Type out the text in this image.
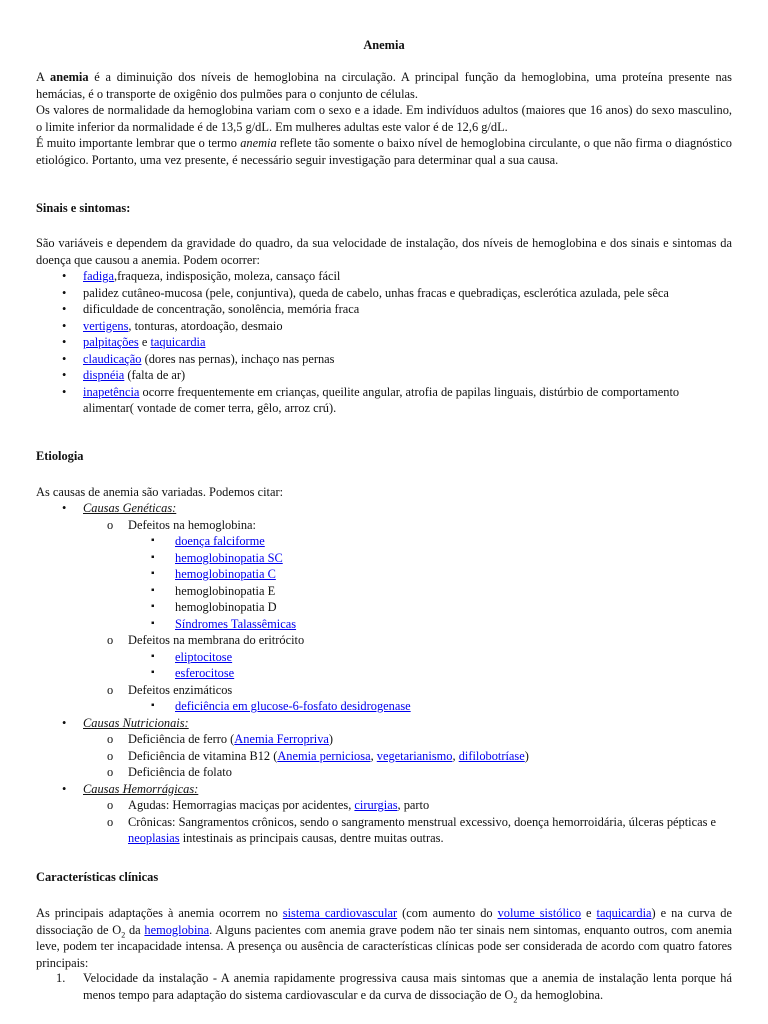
Anemia
A anemia é a diminuição dos níveis de hemoglobina na circulação. A principal função da hemoglobina, uma proteína presente nas hemácias, é o transporte de oxigênio dos pulmões para o conjunto de células.
Os valores de normalidade da hemoglobina variam com o sexo e a idade. Em indivíduos adultos (maiores que 16 anos) do sexo masculino, o limite inferior da normalidade é de 13,5 g/dL. Em mulheres adultas este valor é de 12,6 g/dL.
É muito importante lembrar que o termo anemia reflete tão somente o baixo nível de hemoglobina circulante, o que não firma o diagnóstico etiológico. Portanto, uma vez presente, é necessário seguir investigação para determinar qual a sua causa.
Sinais e sintomas:
São variáveis e dependem da gravidade do quadro, da sua velocidade de instalação, dos níveis de hemoglobina e dos sinais e sintomas da doença que causou a anemia. Podem ocorrer:
• fadiga,fraqueza, indisposição, moleza, cansaço fácil
• palidez cutâneo-mucosa (pele, conjuntiva), queda de cabelo, unhas fracas e quebradiças, esclerótica azulada, pele sêca
• dificuldade de concentração, sonolência, memória fraca
• vertigens, tonturas, atordoação, desmaio
• palpitações e taquicardia
• claudicação (dores nas pernas), inchaço nas pernas
• dispnéia (falta de ar)
• inapetência ocorre frequentemente em crianças, queilite angular, atrofia de papilas linguais, distúrbio de comportamento alimentar( vontade de comer terra, gêlo, arroz crú).
Etiologia
As causas de anemia são variadas. Podemos citar:
• Causas Genéticas:
o Defeitos na hemoglobina:
▪ doença falciforme
▪ hemoglobinopatia SC
▪ hemoglobinopatia C
▪ hemoglobinopatia E
▪ hemoglobinopatia D
▪ Síndromes Talassêmicas
o Defeitos na membrana do eritrócito
▪ eliptocitose
▪ esferocitose
o Defeitos enzimáticos
▪ deficiência em glucose-6-fosfato desidrogenase
• Causas Nutricionais:
o Deficiência de ferro (Anemia Ferropriva)
o Deficiência de vitamina B12 (Anemia perniciosa, vegetarianismo, difilobotríase)
o Deficiência de folato
• Causas Hemorrágicas:
o Agudas: Hemorragias maciças por acidentes, cirurgias, parto
o Crônicas: Sangramentos crônicos, sendo o sangramento menstrual excessivo, doença hemorroidária, úlceras pépticas e neoplasias intestinais as principais causas, dentre muitas outras.
Características clínicas
As principais adaptações à anemia ocorrem no sistema cardiovascular (com aumento do volume sistólico e taquicardia) e na curva de dissociação de $O_2$ da hemoglobina. Alguns pacientes com anemia grave podem não ter sinais nem sintomas, enquanto outros, com anemia leve, podem ter incapacidade intensa. A presença ou ausência de características clínicas pode ser considerada de acordo com quatro fatores principais:
1. Velocidade da instalação - A anemia rapidamente progressiva causa mais sintomas que a anemia de instalação lenta porque há menos tempo para adaptação do sistema cardiovascular e da curva de dissociação de $O_2$ da hemoglobina.
